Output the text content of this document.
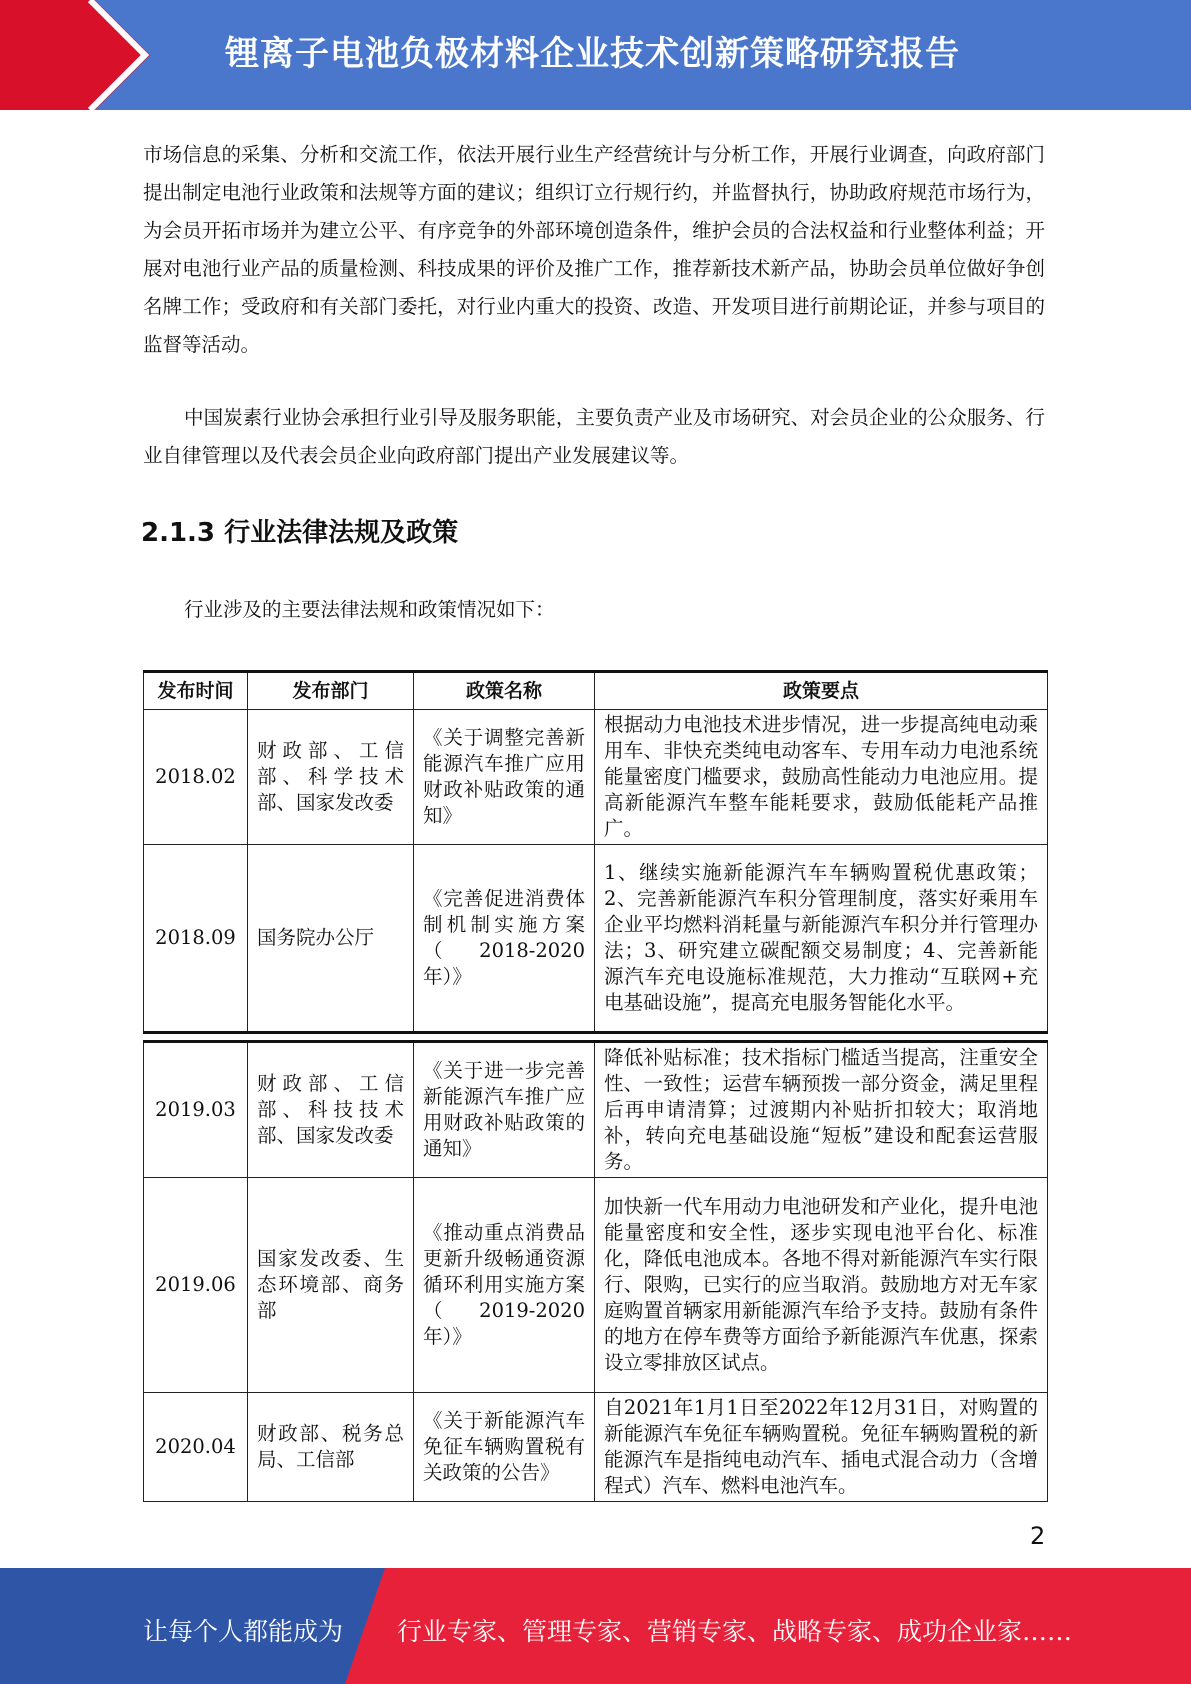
锂离子电池负极材料企业技术创新策略研究报告

市场信息的采集、分析和交流工作，依法开展行业生产经营统计与分析工作，开展行业调查，向政府部门提出制定电池行业政策和法规等方面的建议；组织订立行规行约，并监督执行，协助政府规范市场行为，为会员开拓市场并为建立公平、有序竞争的外部环境创造条件，维护会员的合法权益和行业整体利益；开展对电池行业产品的质量检测、科技成果的评价及推广工作，推荐新技术新产品，协助会员单位做好争创名牌工作；受政府和有关部门委托，对行业内重大的投资、改造、开发项目进行前期论证，并参与项目的监督等活动。

中国炭素行业协会承担行业引导及服务职能，主要负责产业及市场研究、对会员企业的公众服务、行业自律管理以及代表会员企业向政府部门提出产业发展建议等。

2.1.3 行业法律法规及政策

行业涉及的主要法律法规和政策情况如下：

发布时间	发布部门	政策名称	政策要点
2018.02	财政部、工信部、科学技术部、国家发改委	《关于调整完善新能源汽车推广应用财政补贴政策的通知》	根据动力电池技术进步情况，进一步提高纯电动乘用车、非快充类纯电动客车、专用车动力电池系统能量密度门槛要求，鼓励高性能动力电池应用。提高新能源汽车整车能耗要求，鼓励低能耗产品推广。
2018.09	国务院办公厅	《完善促进消费体制机制实施方案（2018-2020年）》	1、继续实施新能源汽车车辆购置税优惠政策；2、完善新能源汽车积分管理制度，落实好乘用车企业平均燃料消耗量与新能源汽车积分并行管理办法；3、研究建立碳配额交易制度；4、完善新能源汽车充电设施标准规范，大力推动“互联网+充电基础设施”，提高充电服务智能化水平。
2019.03	财政部、工信部、科技技术部、国家发改委	《关于进一步完善新能源汽车推广应用财政补贴政策的通知》	降低补贴标准；技术指标门槛适当提高，注重安全性、一致性；运营车辆预拨一部分资金，满足里程后再申请清算；过渡期内补贴折扣较大；取消地补，转向充电基础设施“短板”建设和配套运营服务。
2019.06	国家发改委、生态环境部、商务部	《推动重点消费品更新升级畅通资源循环利用实施方案（2019-2020年）》	加快新一代车用动力电池研发和产业化，提升电池能量密度和安全性，逐步实现电池平台化、标准化，降低电池成本。各地不得对新能源汽车实行限行、限购，已实行的应当取消。鼓励地方对无车家庭购置首辆家用新能源汽车给予支持。鼓励有条件的地方在停车费等方面给予新能源汽车优惠，探索设立零排放区试点。
2020.04	财政部、税务总局、工信部	《关于新能源汽车免征车辆购置税有关政策的公告》	自2021年1月1日至2022年12月31日，对购置的新能源汽车免征车辆购置税。免征车辆购置税的新能源汽车是指纯电动汽车、插电式混合动力（含增程式）汽车、燃料电池汽车。
2
让每个人都能成为 行业专家、管理专家、营销专家、战略专家、成功企业家……
